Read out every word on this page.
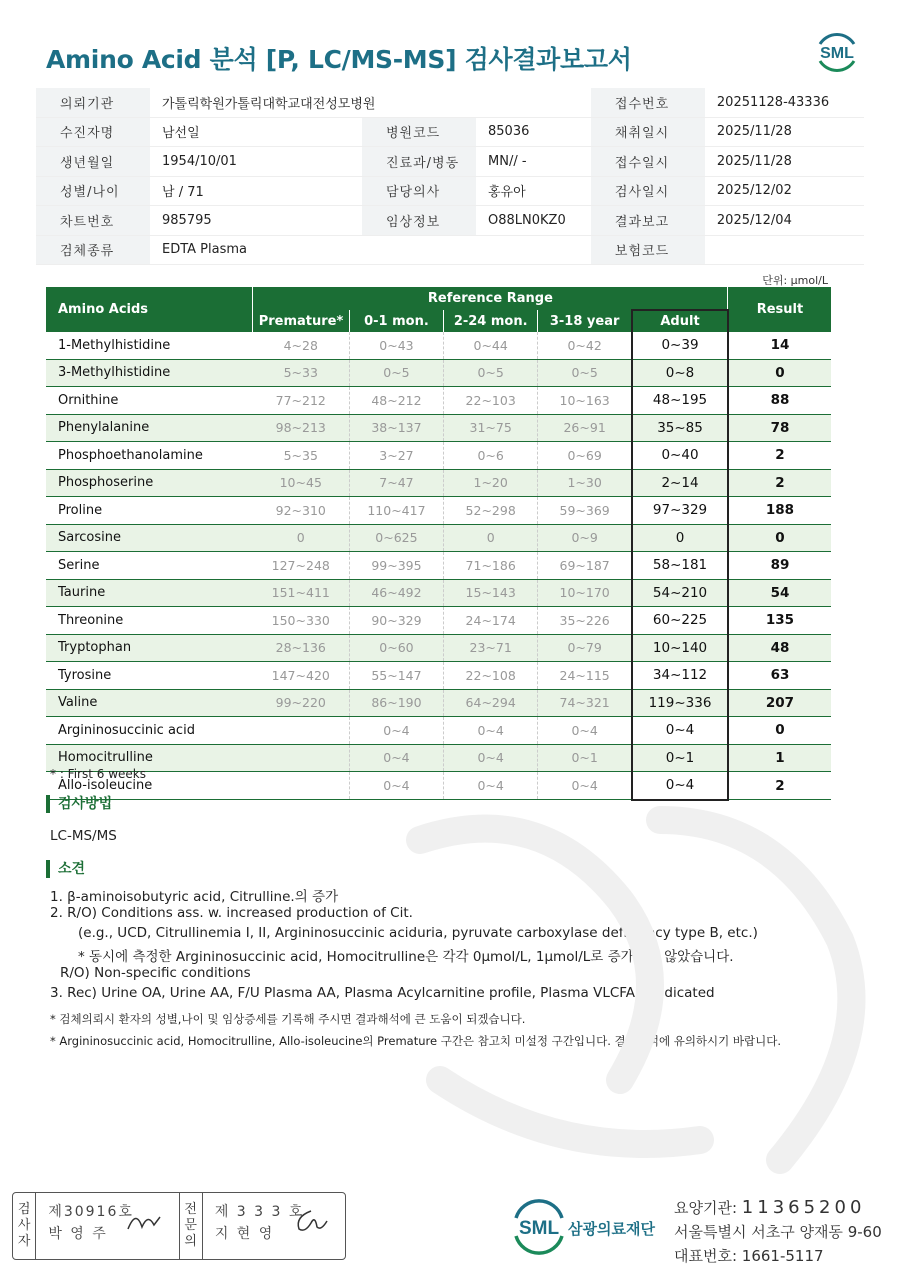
Amino Acid 분석 [P, LC/MS-MS] 검사결과보고서	SML
의뢰기관	가톨릭학원가톨릭대학교대전성모병원			접수번호	20251128-43336
수진자명	남선일	병원코드	85036	채취일시	2025/11/28
생년월일	1954/10/01	진료과/병동	MN// -	접수일시	2025/11/28
성별/나이	남 / 71	담당의사	홍유아	검사일시	2025/12/02
차트번호	985795	임상정보	O88LN0KZ0	결과보고	2025/12/04
검체종류	EDTA Plasma			보험코드	
단위: μmol/L
Amino Acids	Reference Range					Result
	Premature*	0-1 mon.	2-24 mon.	3-18 year	Adult	
1-Methylhistidine	4~28	0~43	0~44	0~42	0~39	14
3-Methylhistidine	5~33	0~5	0~5	0~5	0~8	0
Ornithine	77~212	48~212	22~103	10~163	48~195	88
Phenylalanine	98~213	38~137	31~75	26~91	35~85	78
Phosphoethanolamine	5~35	3~27	0~6	0~69	0~40	2
Phosphoserine	10~45	7~47	1~20	1~30	2~14	2
Proline	92~310	110~417	52~298	59~369	97~329	188
Sarcosine	0	0~625	0	0~9	0	0
Serine	127~248	99~395	71~186	69~187	58~181	89
Taurine	151~411	46~492	15~143	10~170	54~210	54
Threonine	150~330	90~329	24~174	35~226	60~225	135
Tryptophan	28~136	0~60	23~71	0~79	10~140	48
Tyrosine	147~420	55~147	22~108	24~115	34~112	63
Valine	99~220	86~190	64~294	74~321	119~336	207
Argininosuccinic acid		0~4	0~4	0~4	0~4	0
Homocitrulline		0~4	0~4	0~1	0~1	1
Allo-isoleucine		0~4	0~4	0~4	0~4	2
* : First 6 weeks
검사방법
LC-MS/MS
소견
1. β-aminoisobutyric acid, Citrulline.의 증가
2. R/O) Conditions ass. w. increased production of Cit.
(e.g., UCD, Citrullinemia I, II, Argininosuccinic aciduria, pyruvate carboxylase deficiency type B, etc.)
* 동시에 측정한 Argininosuccinic acid, Homocitrulline은 각각 0μmol/L, 1μmol/L로 증가하지 않았습니다.
R/O) Non-specific conditions
3. Rec) Urine OA, Urine AA, F/U Plasma AA, Plasma Acylcarnitine profile, Plasma VLCFA if indicated
* 검체의뢰시 환자의 성별,나이 및 임상증세를 기록해 주시면 결과해석에 큰 도움이 되겠습니다.
* Argininosuccinic acid, Homocitrulline, Allo-isoleucine의 Premature 구간은 참고치 미설정 구간입니다. 결과해석에 유의하시기 바랍니다.
검
사
자
제30916호
박 영 주
전
문
의
제 3 3 3 호
지 현 영	SML 삼광의료재단
요양기관: 11365200
서울특별시 서초구 양재동 9-60
대표번호: 1661-5117
